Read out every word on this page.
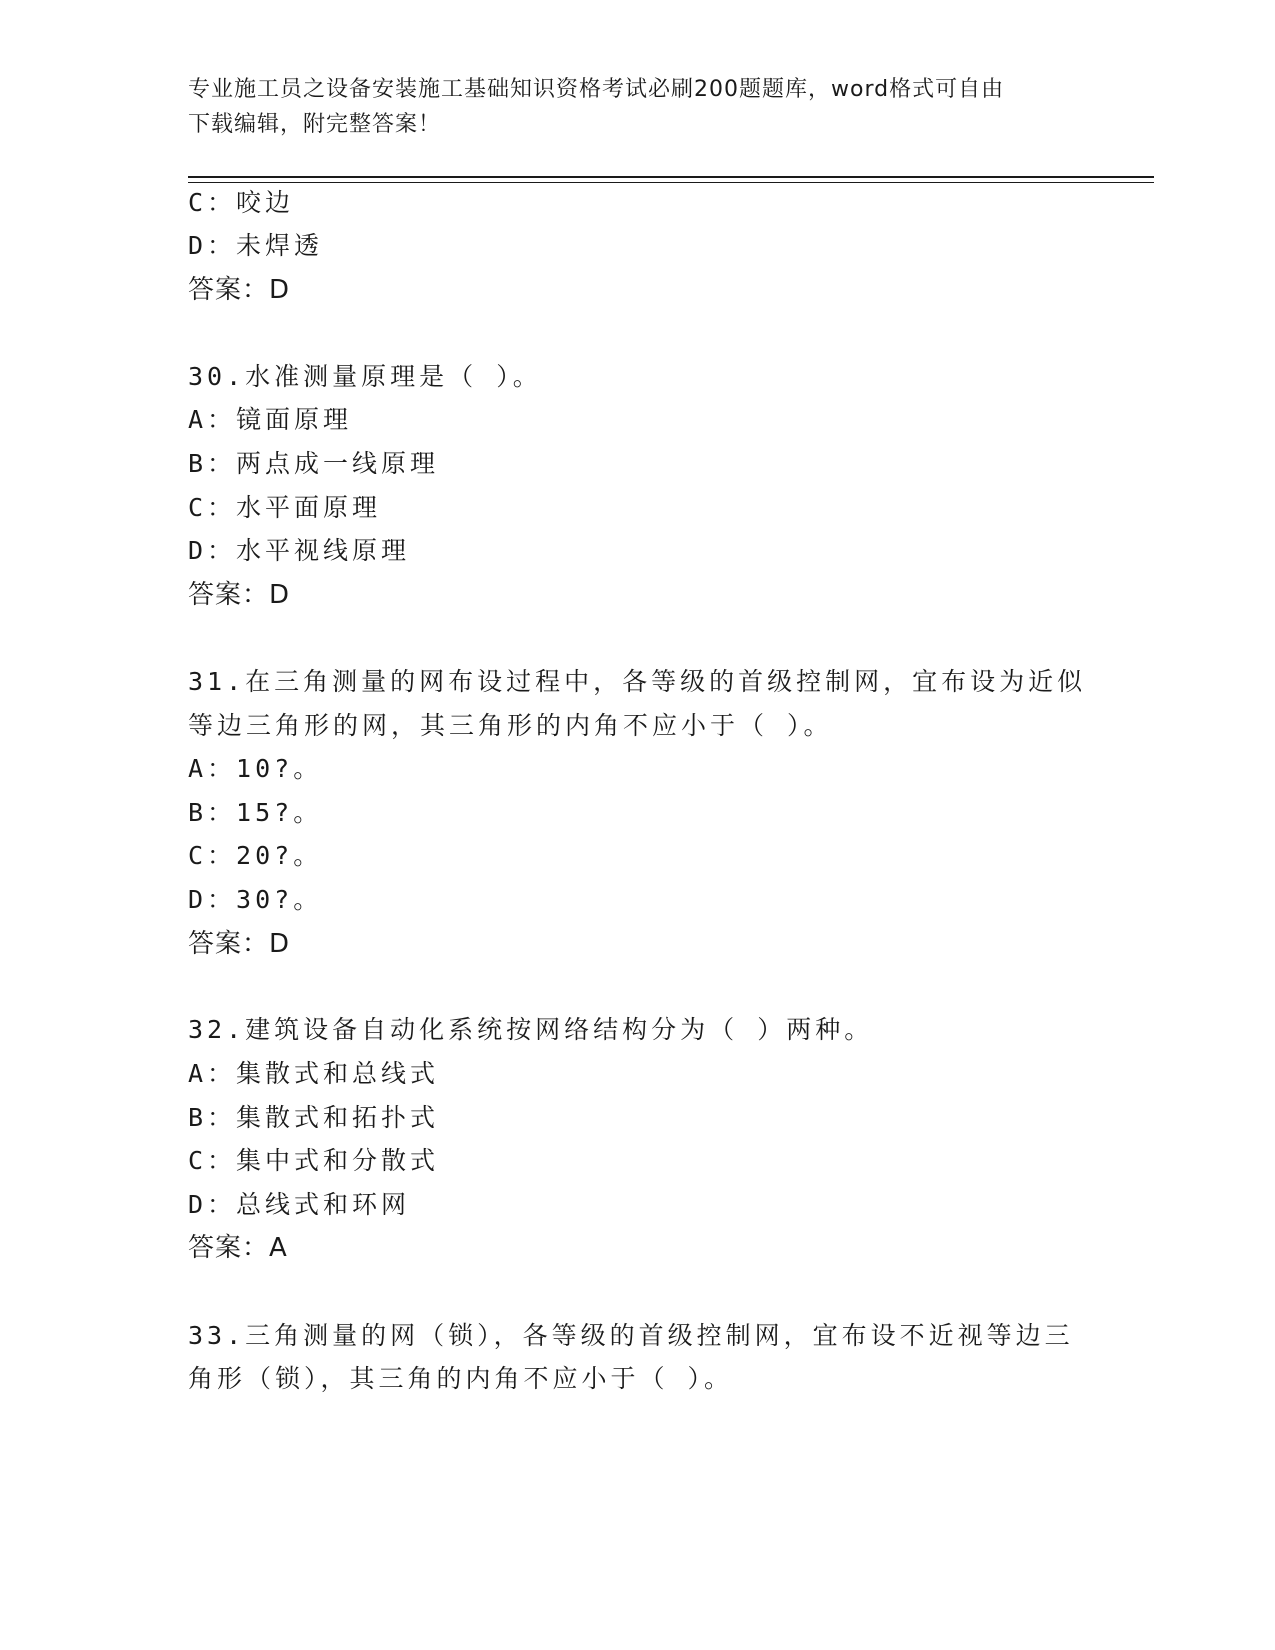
专业施工员之设备安装施工基础知识资格考试必刷200题题库，word格式可自由
下载编辑，附完整答案！
C：咬边
D：未焊透
答案：D
30.水准测量原理是（ ）。
A：镜面原理
B：两点成一线原理
C：水平面原理
D：水平视线原理
答案：D
31.在三角测量的网布设过程中，各等级的首级控制网，宜布设为近似
等边三角形的网，其三角形的内角不应小于（ ）。
A：10?。
B：15?。
C：20?。
D：30?。
答案：D
32.建筑设备自动化系统按网络结构分为（ ）两种。
A：集散式和总线式
B：集散式和拓扑式
C：集中式和分散式
D：总线式和环网
答案：A
33.三角测量的网（锁），各等级的首级控制网，宜布设不近视等边三
角形（锁），其三角的内角不应小于（ ）。
